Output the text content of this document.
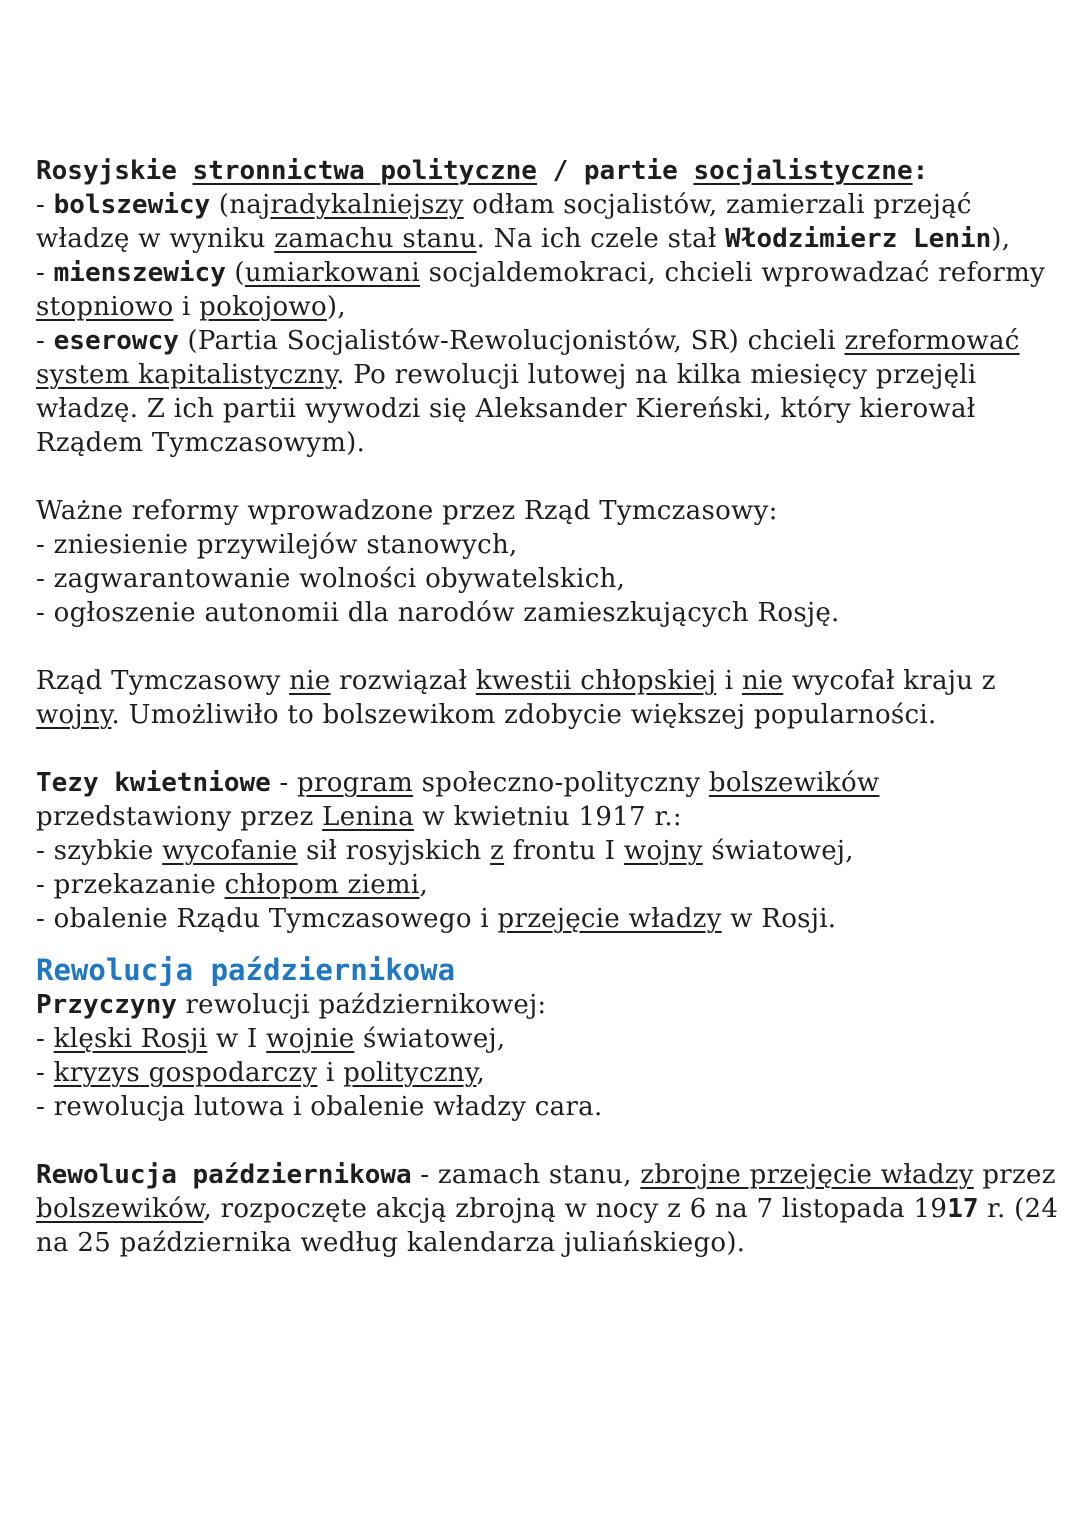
Rosyjskie stronnictwa polityczne / partie socjalistyczne:

- bolszewicy (najradykalniejszy odłam socjalistów, zamierzali przejąć władzę w wyniku zamachu stanu. Na ich czele stał Włodzimierz Lenin),

- mienszewicy (umiarkowani socjaldemokraci, chcieli wprowadzać reformy stopniowo i pokojowo),

- eserowcy (Partia Socjalistów-Rewolucjonistów, SR) chcieli zreformować system kapitalistyczny. Po rewolucji lutowej na kilka miesięcy przejęli władzę. Z ich partii wywodzi się Aleksander Kiereński, który kierował Rządem Tymczasowym).

Ważne reformy wprowadzone przez Rząd Tymczasowy:

- zniesienie przywilejów stanowych,

- zagwarantowanie wolności obywatelskich,

- ogłoszenie autonomii dla narodów zamieszkujących Rosję.

Rząd Tymczasowy nie rozwiązał kwestii chłopskiej i nie wycofał kraju z wojny. Umożliwiło to bolszewikom zdobycie większej popularności.

Tezy kwietniowe - program społeczno-polityczny bolszewików przedstawiony przez Lenina w kwietniu 1917 r.:

- szybkie wycofanie sił rosyjskich z frontu I wojny światowej,

- przekazanie chłopom ziemi,

- obalenie Rządu Tymczasowego i przejęcie władzy w Rosji.

Rewolucja październikowa

Przyczyny rewolucji październikowej:

- klęski Rosji w I wojnie światowej,

- kryzys gospodarczy i polityczny,

- rewolucja lutowa i obalenie władzy cara.

Rewolucja październikowa - zamach stanu, zbrojne przejęcie władzy przez bolszewików, rozpoczęte akcją zbrojną w nocy z 6 na 7 listopada 1917 r. (24 na 25 października według kalendarza juliańskiego).
